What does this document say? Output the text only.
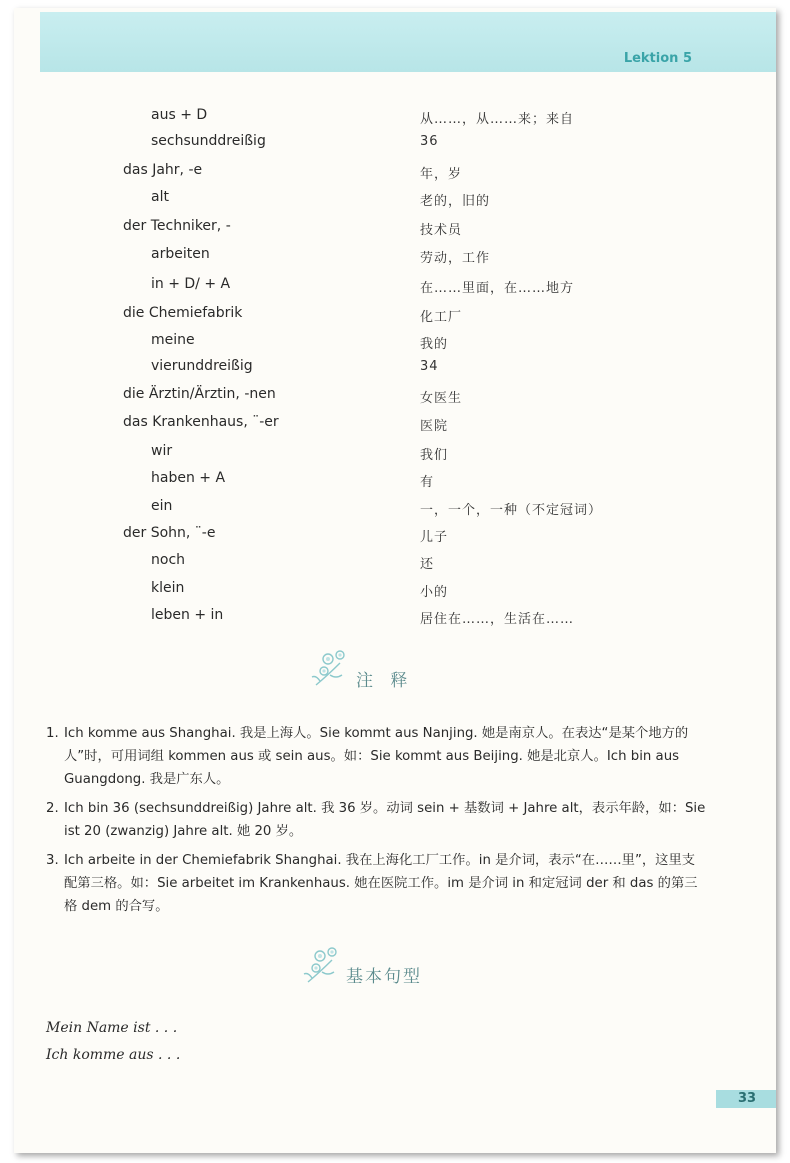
Lektion 5
aus + D	从……，从……来；来自
sechsunddreißig	36
das Jahr, -e	年，岁
alt	老的，旧的
der Techniker, -	技术员
arbeiten	劳动，工作
in + D/ + A	在……里面，在……地方
die Chemiefabrik	化工厂
meine	我的
vierunddreißig	34
die Ärztin/Ärztin, -nen	女医生
das Krankenhaus, ¨-er	医院
wir	我们
haben + A	有
ein	一，一个，一种（不定冠词）
der Sohn, ¨-e	儿子
noch	还
klein	小的
leben + in	居住在……，生活在……
注 释
1. Ich komme aus Shanghai. 我是上海人。Sie kommt aus Nanjing. 她是南京人。在表达“是某个地方的人”时，可用词组 kommen aus 或 sein aus。如：Sie kommt aus Beijing. 她是北京人。Ich bin aus Guangdong. 我是广东人。
2. Ich bin 36 (sechsunddreißig) Jahre alt. 我 36 岁。动词 sein + 基数词 + Jahre alt，表示年龄，如：Sie ist 20 (zwanzig) Jahre alt. 她 20 岁。
3. Ich arbeite in der Chemiefabrik Shanghai. 我在上海化工厂工作。in 是介词，表示“在……里”，这里支配第三格。如：Sie arbeitet im Krankenhaus. 她在医院工作。im 是介词 in 和定冠词 der 和 das 的第三格 dem 的合写。
基本句型
Mein Name ist . . .
Ich komme aus . . .
33
